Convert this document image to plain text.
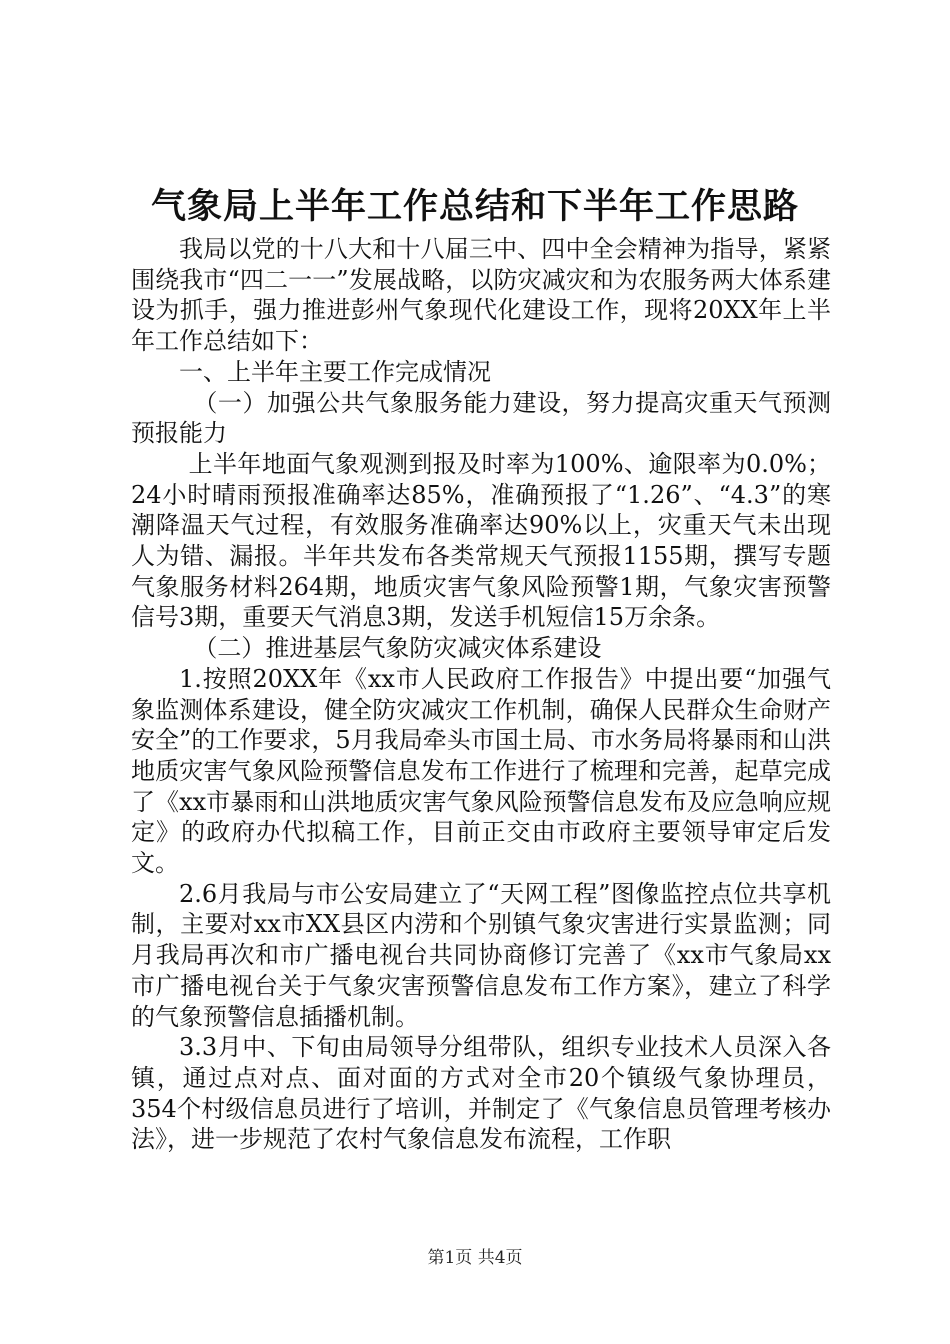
气象局上半年工作总结和下半年工作思路

我局以党的十八大和十八届三中、四中全会精神为指导，紧紧围绕我市“四二一一”发展战略，以防灾减灾和为农服务两大体系建设为抓手，强力推进彭州气象现代化建设工作，现将20XX年上半年工作总结如下：

一、上半年主要工作完成情况

（一）加强公共气象服务能力建设，努力提高灾重天气预测预报能力

上半年地面气象观测到报及时率为100%、逾限率为0.0%；24小时晴雨预报准确率达85%，准确预报了“1.26”、“4.3”的寒潮降温天气过程，有效服务准确率达90%以上，灾重天气未出现人为错、漏报。半年共发布各类常规天气预报1155期，撰写专题气象服务材料264期，地质灾害气象风险预警1期，气象灾害预警信号3期，重要天气消息3期，发送手机短信15万余条。

（二）推进基层气象防灾减灾体系建设

1.按照20XX年《xx市人民政府工作报告》中提出要“加强气象监测体系建设，健全防灾减灾工作机制，确保人民群众生命财产安全”的工作要求，5月我局牵头市国土局、市水务局将暴雨和山洪地质灾害气象风险预警信息发布工作进行了梳理和完善，起草完成了《xx市暴雨和山洪地质灾害气象风险预警信息发布及应急响应规定》的政府办代拟稿工作，目前正交由市政府主要领导审定后发文。

2.6月我局与市公安局建立了“天网工程”图像监控点位共享机制，主要对xx市XX县区内涝和个别镇气象灾害进行实景监测；同月我局再次和市广播电视台共同协商修订完善了《xx市气象局xx市广播电视台关于气象灾害预警信息发布工作方案》，建立了科学的气象预警信息插播机制。

3.3月中、下旬由局领导分组带队，组织专业技术人员深入各镇，通过点对点、面对面的方式对全市20个镇级气象协理员，354个村级信息员进行了培训，并制定了《气象信息员管理考核办法》，进一步规范了农村气象信息发布流程，工作职

第1页 共4页
